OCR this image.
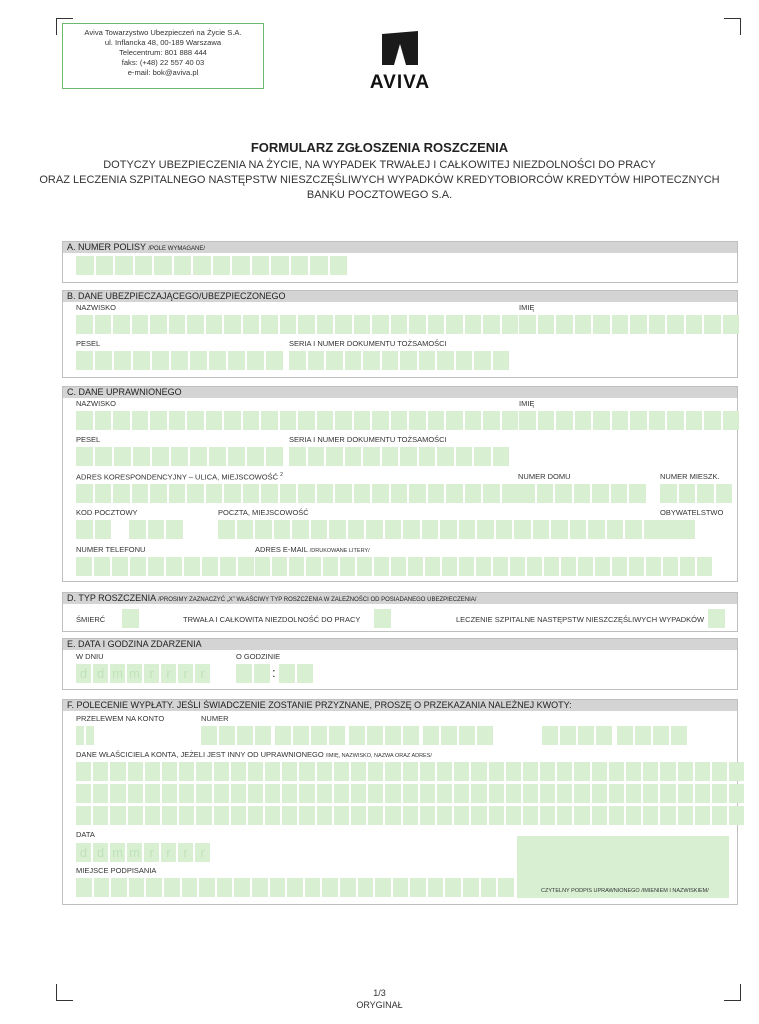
Aviva Towarzystwo Ubezpieczeń na Życie S.A.
ul. Inflancka 48, 00-189 Warszawa
Telecentrum: 801 888 444
faks: (+48) 22 557 40 03
e-mail: bok@aviva.pl	AVIVA
FORMULARZ ZGŁOSZENIA ROSZCZENIA
DOTYCZY UBEZPIECZENIA NA ŻYCIE, NA WYPADEK TRWAŁEJ I CAŁKOWITEJ NIEZDOLNOŚCI DO PRACY
ORAZ LECZENIA SZPITALNEGO NASTĘPSTW NIESZCZĘŚLIWYCH WYPADKÓW KREDYTOBIORCÓW KREDYTÓW HIPOTECZNYCH
BANKU POCZTOWEGO S.A.
A. NUMER POLISY /POLE WYMAGANE/
B. DANE UBEZPIECZAJĄCEGO/UBEZPIECZONEGO
NAZWISKO	IMIĘ
PESEL	SERIA I NUMER DOKUMENTU TOŻSAMOŚCI
C. DANE UPRAWNIONEGO
NAZWISKO	IMIĘ
PESEL	SERIA I NUMER DOKUMENTU TOŻSAMOŚCI
ADRES KORESPONDENCYJNY – ULICA, MIEJSCOWOŚĆ $^2$	NUMER DOMU	NUMER MIESZK.
KOD POCZTOWY	POCZTA, MIEJSCOWOŚĆ	OBYWATELSTWO
NUMER TELEFONU	ADRES E-MAIL /DRUKOWANE LITERY/
D. TYP ROSZCZENIA /PROSIMY ZAZNACZYĆ „X” WŁAŚCIWY TYP ROSZCZENIA W ZALEŻNOŚCI OD POSIADANEGO UBEZPIECZENIA/
ŚMIERĆ	TRWAŁA I CAŁKOWITA NIEZDOLNOŚĆ DO PRACY	LECZENIE SZPITALNE NASTĘPSTW NIESZCZĘŚLIWYCH WYPADKÓW
E. DATA I GODZINA ZDARZENIA
W DNIU	O GODZINIE
d d m m r r r r	:
F. POLECENIE WYPŁATY. JEŚLI ŚWIADCZENIE ZOSTANIE PRZYZNANE, PROSZĘ O PRZEKAZANIA NALEŻNEJ KWOTY:
PRZELEWEM NA KONTO	NUMER
DANE WŁAŚCICIELA KONTA, JEŻELI JEST INNY OD UPRAWNIONEGO /IMIĘ, NAZWISKO, NAZWA ORAZ ADRES/
DATA
d d m m r r r r
MIEJSCE PODPISANIA
CZYTELNY PODPIS UPRAWNIONEGO /IMIENIEM I NAZWISKIEM/
1/3
ORYGINAŁ
